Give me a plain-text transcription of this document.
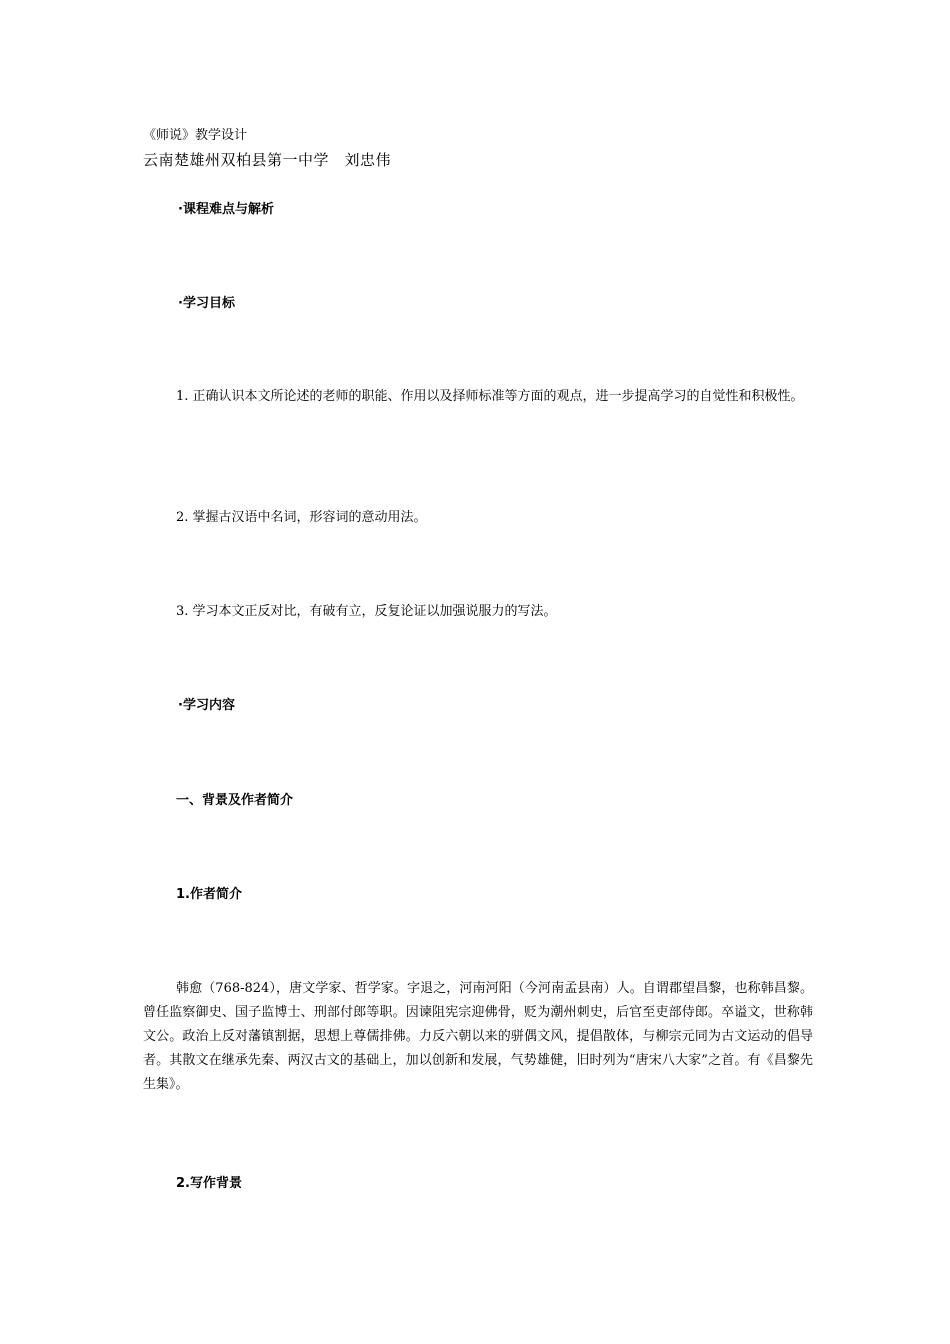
《师说》教学设计
云南楚雄州双柏县第一中学　刘忠伟
·课程难点与解析
·学习目标
1. 正确认识本文所论述的老师的职能、作用以及择师标准等方面的观点，进一步提高学习的自觉性和积极性。
2. 掌握古汉语中名词，形容词的意动用法。
3. 学习本文正反对比，有破有立，反复论证以加强说服力的写法。
·学习内容
一、背景及作者简介
1.作者简介
韩愈（768-824），唐文学家、哲学家。字退之，河南河阳（今河南孟县南）人。自谓郡望昌黎，也称韩昌黎。曾任监察御史、国子监博士、刑部付郎等职。因谏阻宪宗迎佛骨，贬为潮州刺史，后官至吏部侍郎。卒谥文，世称韩文公。政治上反对藩镇割据，思想上尊儒排佛。力反六朝以来的骈偶文风，提倡散体，与柳宗元同为古文运动的倡导者。其散文在继承先秦、两汉古文的基础上，加以创新和发展，气势雄健，旧时列为“唐宋八大家”之首。有《昌黎先生集》。
2.写作背景
